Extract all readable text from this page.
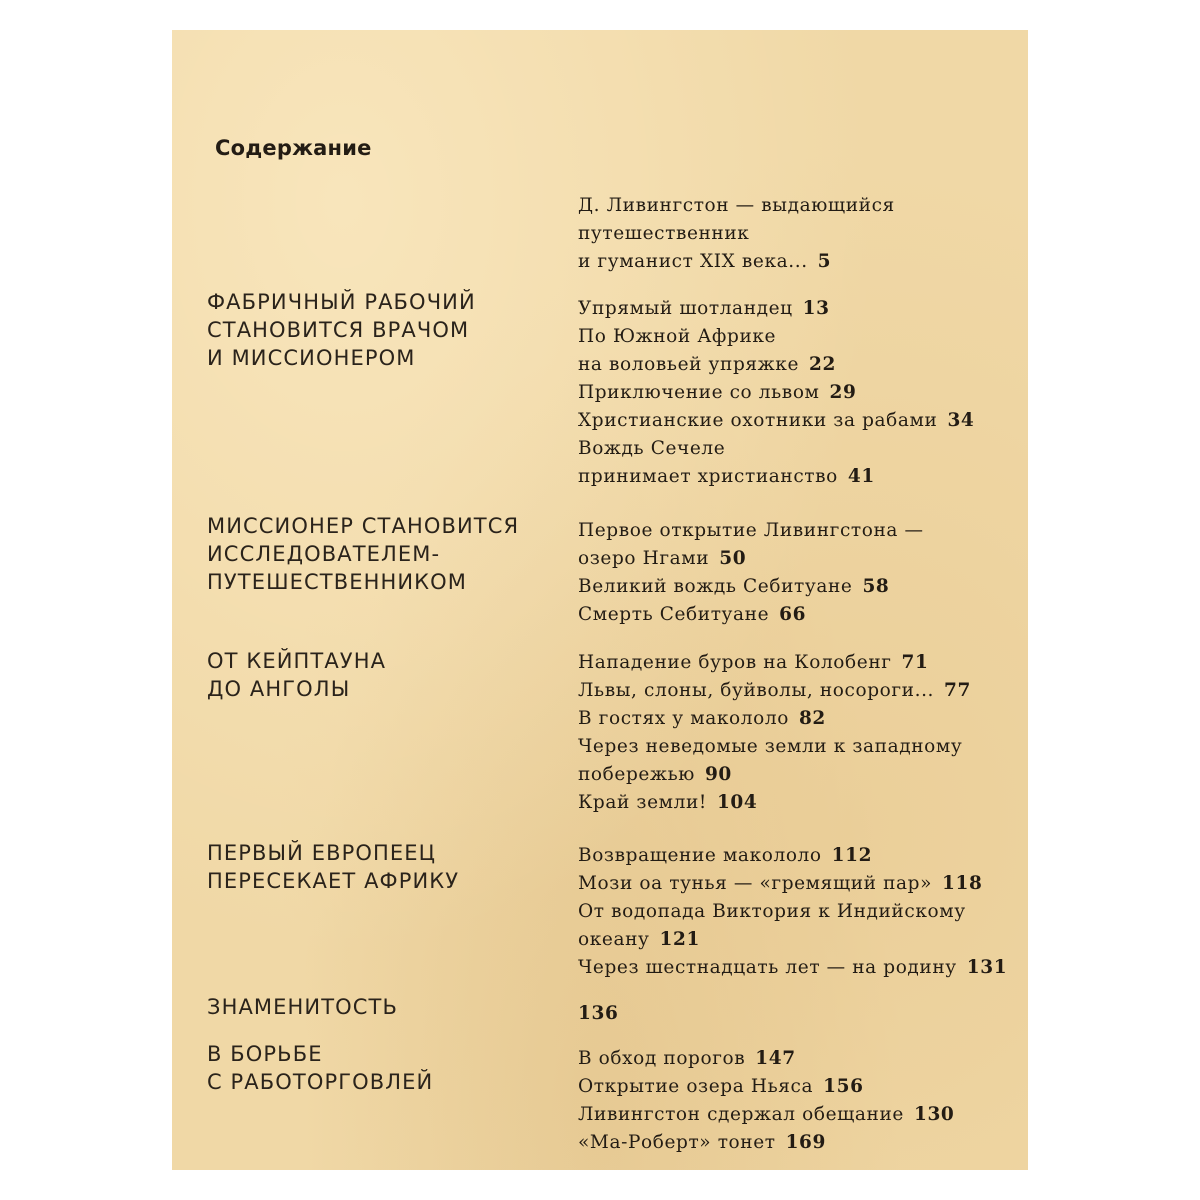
Содержание
Д. Ливингстон — выдающийся
путешественник
и гуманист XIX века... 5
ФАБРИЧНЫЙ РАБОЧИЙ
СТАНОВИТСЯ ВРАЧОМ
И МИССИОНЕРОМ
Упрямый шотландец 13
По Южной Африке
на воловьей упряжке 22
Приключение со львом 29
Христианские охотники за рабами 34
Вождь Сечеле
принимает христианство 41
МИССИОНЕР СТАНОВИТСЯ
ИССЛЕДОВАТЕЛЕМ-
ПУТЕШЕСТВЕННИКОМ
Первое открытие Ливингстона —
озеро Нгами 50
Великий вождь Себитуане 58
Смерть Себитуане 66
ОТ КЕЙПТАУНА
ДО АНГОЛЫ
Нападение буров на Колобенг 71
Львы, слоны, буйволы, носороги... 77
В гостях у макололо 82
Через неведомые земли к западному
побережью 90
Край земли! 104
ПЕРВЫЙ ЕВРОПЕЕЦ
ПЕРЕСЕКАЕТ АФРИКУ
Возвращение макололо 112
Мози оа тунья — «гремящий пар» 118
От водопада Виктория к Индийскому
океану 121
Через шестнадцать лет — на родину 131
ЗНАМЕНИТОСТЬ	136
В БОРЬБЕ
С РАБОТОРГОВЛЕЙ
В обход порогов 147
Открытие озера Ньяса 156
Ливингстон сдержал обещание 130
«Ма-Роберт» тонет 169
